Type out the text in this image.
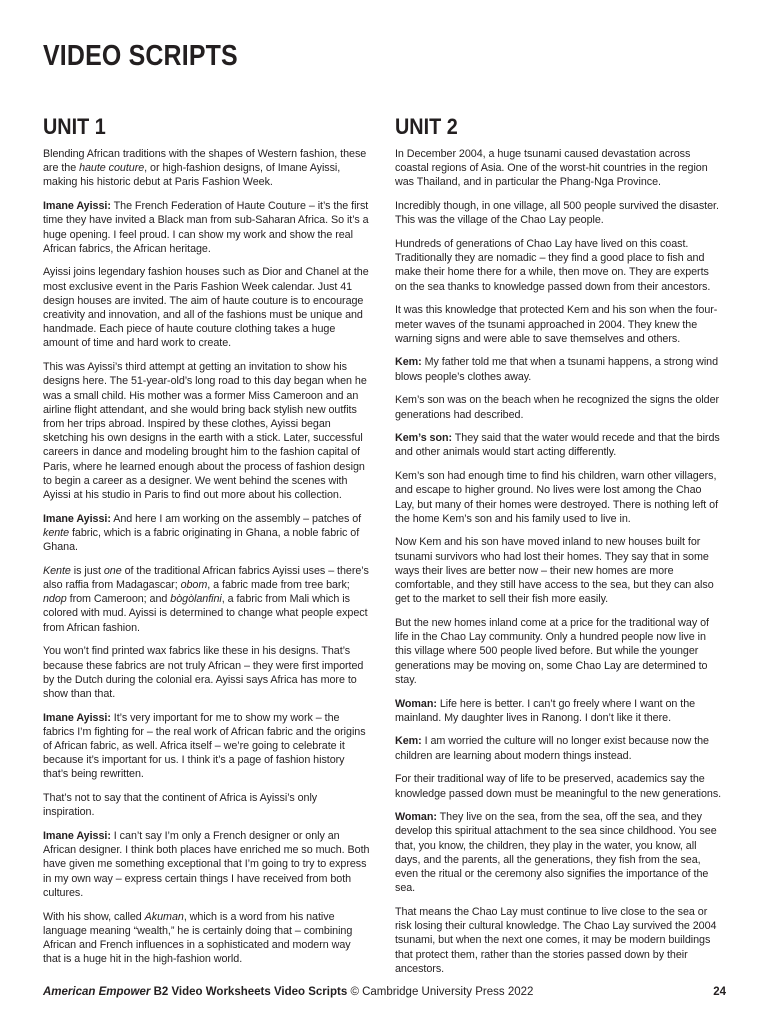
VIDEO SCRIPTS
UNIT 1

Blending African traditions with the shapes of Western fashion, these are the haute couture, or high-fashion designs, of Imane Ayissi, making his historic debut at Paris Fashion Week.

Imane Ayissi: The French Federation of Haute Couture – it’s the first time they have invited a Black man from sub-Saharan Africa. So it’s a huge opening. I feel proud. I can show my work and show the real African fabrics, the African heritage.

Ayissi joins legendary fashion houses such as Dior and Chanel at the most exclusive event in the Paris Fashion Week calendar. Just 41 design houses are invited. The aim of haute couture is to encourage creativity and innovation, and all of the fashions must be unique and handmade. Each piece of haute couture clothing takes a huge amount of time and hard work to create.

This was Ayissi’s third attempt at getting an invitation to show his designs here. The 51-year-old’s long road to this day began when he was a small child. His mother was a former Miss Cameroon and an airline flight attendant, and she would bring back stylish new outfits from her trips abroad. Inspired by these clothes, Ayissi began sketching his own designs in the earth with a stick. Later, successful careers in dance and modeling brought him to the fashion capital of Paris, where he learned enough about the process of fashion design to begin a career as a designer. We went behind the scenes with Ayissi at his studio in Paris to find out more about his collection.

Imane Ayissi: And here I am working on the assembly – patches of kente fabric, which is a fabric originating in Ghana, a noble fabric of Ghana.

Kente is just one of the traditional African fabrics Ayissi uses – there’s also raffia from Madagascar; obom, a fabric made from tree bark; ndop from Cameroon; and bògòlanfini, a fabric from Mali which is colored with mud. Ayissi is determined to change what people expect from African fashion.

You won’t find printed wax fabrics like these in his designs. That’s because these fabrics are not truly African – they were first imported by the Dutch during the colonial era. Ayissi says Africa has more to show than that.

Imane Ayissi: It’s very important for me to show my work – the fabrics I’m fighting for – the real work of African fabric and the origins of African fabric, as well. Africa itself – we’re going to celebrate it because it’s important for us. I think it’s a page of fashion history that’s being rewritten.

That’s not to say that the continent of Africa is Ayissi’s only inspiration.

Imane Ayissi: I can’t say I’m only a French designer or only an African designer. I think both places have enriched me so much. Both have given me something exceptional that I’m going to try to express in my own way – express certain things I have received from both cultures.

With his show, called Akuman, which is a word from his native language meaning “wealth,” he is certainly doing that – combining African and French influences in a sophisticated and modern way that is a huge hit in the high-fashion world.

UNIT 2

In December 2004, a huge tsunami caused devastation across coastal regions of Asia. One of the worst-hit countries in the region was Thailand, and in particular the Phang-Nga Province.

Incredibly though, in one village, all 500 people survived the disaster. This was the village of the Chao Lay people.

Hundreds of generations of Chao Lay have lived on this coast. Traditionally they are nomadic – they find a good place to fish and make their home there for a while, then move on. They are experts on the sea thanks to knowledge passed down from their ancestors.

It was this knowledge that protected Kem and his son when the four-meter waves of the tsunami approached in 2004. They knew the warning signs and were able to save themselves and others.

Kem: My father told me that when a tsunami happens, a strong wind blows people’s clothes away.

Kem’s son was on the beach when he recognized the signs the older generations had described.

Kem’s son: They said that the water would recede and that the birds and other animals would start acting differently.

Kem’s son had enough time to find his children, warn other villagers, and escape to higher ground. No lives were lost among the Chao Lay, but many of their homes were destroyed. There is nothing left of the home Kem’s son and his family used to live in.

Now Kem and his son have moved inland to new houses built for tsunami survivors who had lost their homes. They say that in some ways their lives are better now – their new homes are more comfortable, and they still have access to the sea, but they can also get to the market to sell their fish more easily.

But the new homes inland come at a price for the traditional way of life in the Chao Lay community. Only a hundred people now live in this village where 500 people lived before. But while the younger generations may be moving on, some Chao Lay are determined to stay.

Woman: Life here is better. I can’t go freely where I want on the mainland. My daughter lives in Ranong. I don’t like it there.

Kem: I am worried the culture will no longer exist because now the children are learning about modern things instead.

For their traditional way of life to be preserved, academics say the knowledge passed down must be meaningful to the new generations.

Woman: They live on the sea, from the sea, off the sea, and they develop this spiritual attachment to the sea since childhood. You see that, you know, the children, they play in the water, you know, all days, and the parents, all the generations, they fish from the sea, even the ritual or the ceremony also signifies the importance of the sea.

That means the Chao Lay must continue to live close to the sea or risk losing their cultural knowledge. The Chao Lay survived the 2004 tsunami, but when the next one comes, it may be modern buildings that protect them, rather than the stories passed down by their ancestors.

American Empower B2 Video Worksheets Video Scripts © Cambridge University Press 2022	24
